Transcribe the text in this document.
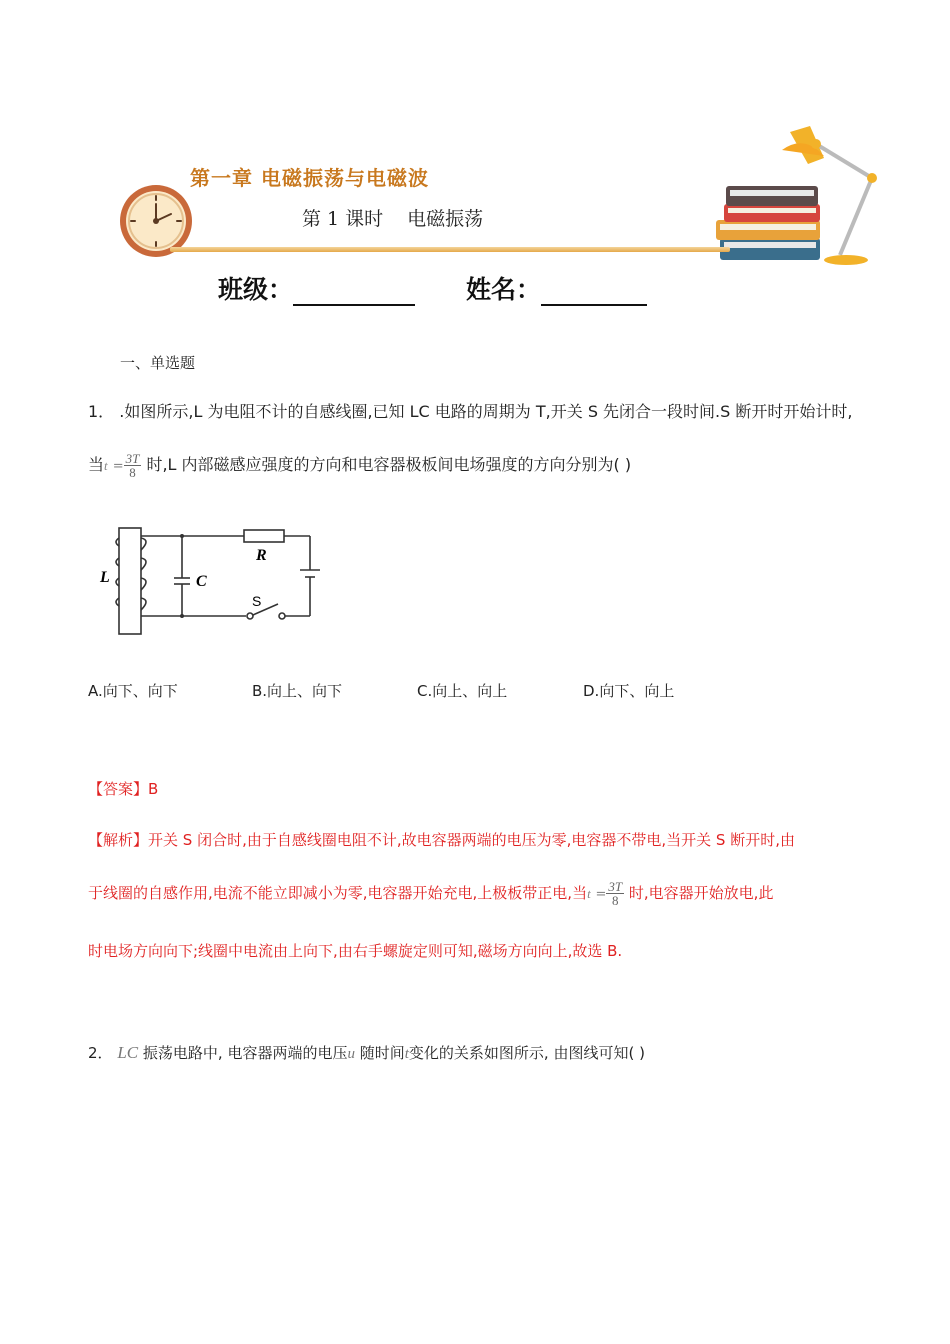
第一章 电磁振荡与电磁波
第 1 课时 电磁振荡
班级：	姓名：
一、单选题
1． .如图所示,L 为电阻不计的自感线圈,已知 LC 电路的周期为 T,开关 S 先闭合一段时间.S 断开时开始计时,
当$t = \frac{3T}{8}$ 时,L 内部磁感应强度的方向和电容器极板间电场强度的方向分别为( )
L	C
R
S
A.向下、向下	B.向上、向下	C.向上、向上	D.向下、向上
【答案】B
【解析】开关 S 闭合时,由于自感线圈电阻不计,故电容器两端的电压为零,电容器不带电,当开关 S 断开时,由
于线圈的自感作用,电流不能立即减小为零,电容器开始充电,上极板带正电,当$t = \frac{3T}{8}$ 时,电容器开始放电,此
时电场方向向下;线圈中电流由上向下,由右手螺旋定则可知,磁场方向向上,故选 B.
2． LC 振荡电路中, 电容器两端的电压u 随时间t变化的关系如图所示, 由图线可知( )
